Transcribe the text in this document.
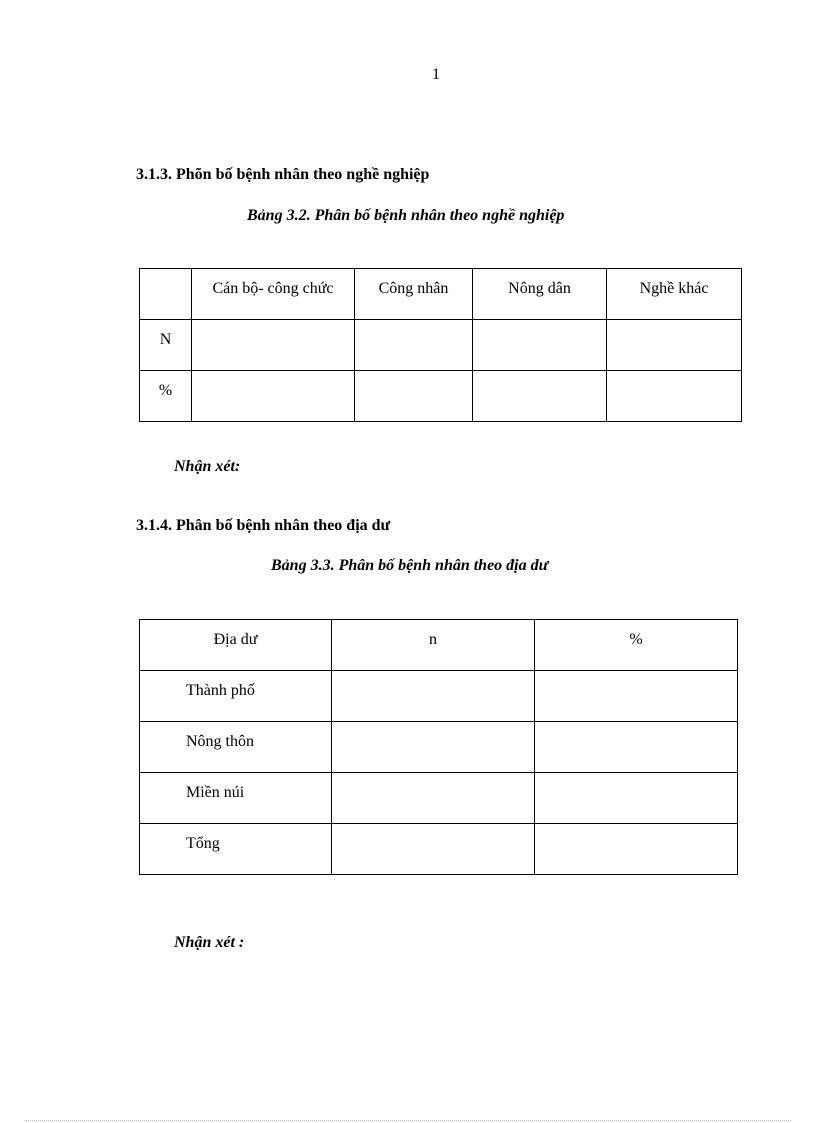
1
3.1.3. Phõn bố bệnh nhân theo nghề nghiệp
Bảng 3.2. Phân bố bệnh nhân theo nghề nghiệp
	Cán bộ- công chức	Công nhân	Nông dân	Nghề khác
N				
%				
Nhận xét:
3.1.4. Phân bố bệnh nhân theo địa dư
Bảng 3.3. Phân bố bệnh nhân theo địa dư
Địa dư	n	%
Thành phố		
Nông thôn		
Miền núi		
Tổng		
Nhận xét :
